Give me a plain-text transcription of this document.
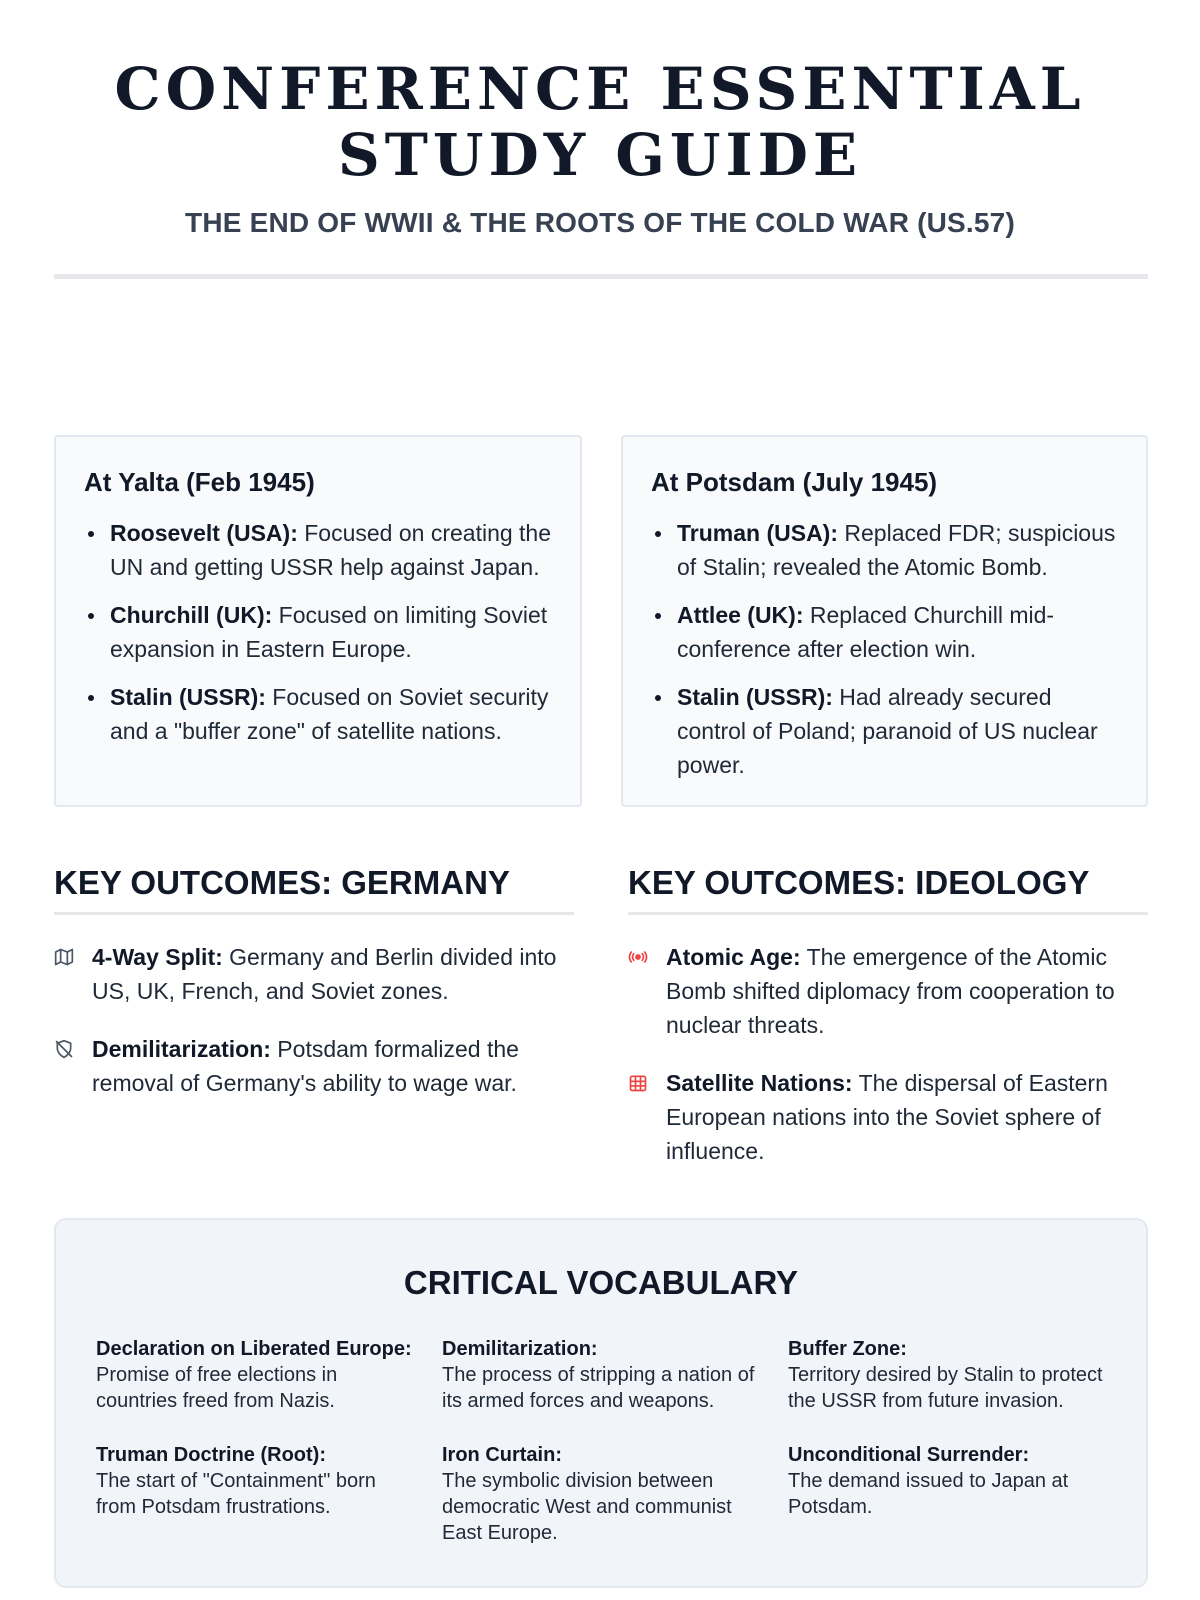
CONFERENCE ESSENTIAL
STUDY GUIDE
THE END OF WWII & THE ROOTS OF THE COLD WAR (US.57)
At Yalta (Feb 1945)
Roosevelt (USA): Focused on creating the UN and getting USSR help against Japan.
Churchill (UK): Focused on limiting Soviet expansion in Eastern Europe.
Stalin (USSR): Focused on Soviet security and a "buffer zone" of satellite nations.
At Potsdam (July 1945)
Truman (USA): Replaced FDR; suspicious of Stalin; revealed the Atomic Bomb.
Attlee (UK): Replaced Churchill mid-conference after election win.
Stalin (USSR): Had already secured control of Poland; paranoid of US nuclear power.
KEY OUTCOMES: GERMANY	KEY OUTCOMES: IDEOLOGY
4-Way Split: Germany and Berlin divided into US, UK, French, and Soviet zones.
Demilitarization: Potsdam formalized the removal of Germany's ability to wage war.
Atomic Age: The emergence of the Atomic Bomb shifted diplomacy from cooperation to nuclear threats.
Satellite Nations: The dispersal of Eastern European nations into the Soviet sphere of influence.
CRITICAL VOCABULARY
Declaration on Liberated Europe:
Promise of free elections in countries freed from Nazis.
Demilitarization:
The process of stripping a nation of its armed forces and weapons.
Buffer Zone:
Territory desired by Stalin to protect the USSR from future invasion.
Truman Doctrine (Root):
The start of "Containment" born from Potsdam frustrations.
Iron Curtain:
The symbolic division between democratic West and communist East Europe.
Unconditional Surrender:
The demand issued to Japan at Potsdam.
